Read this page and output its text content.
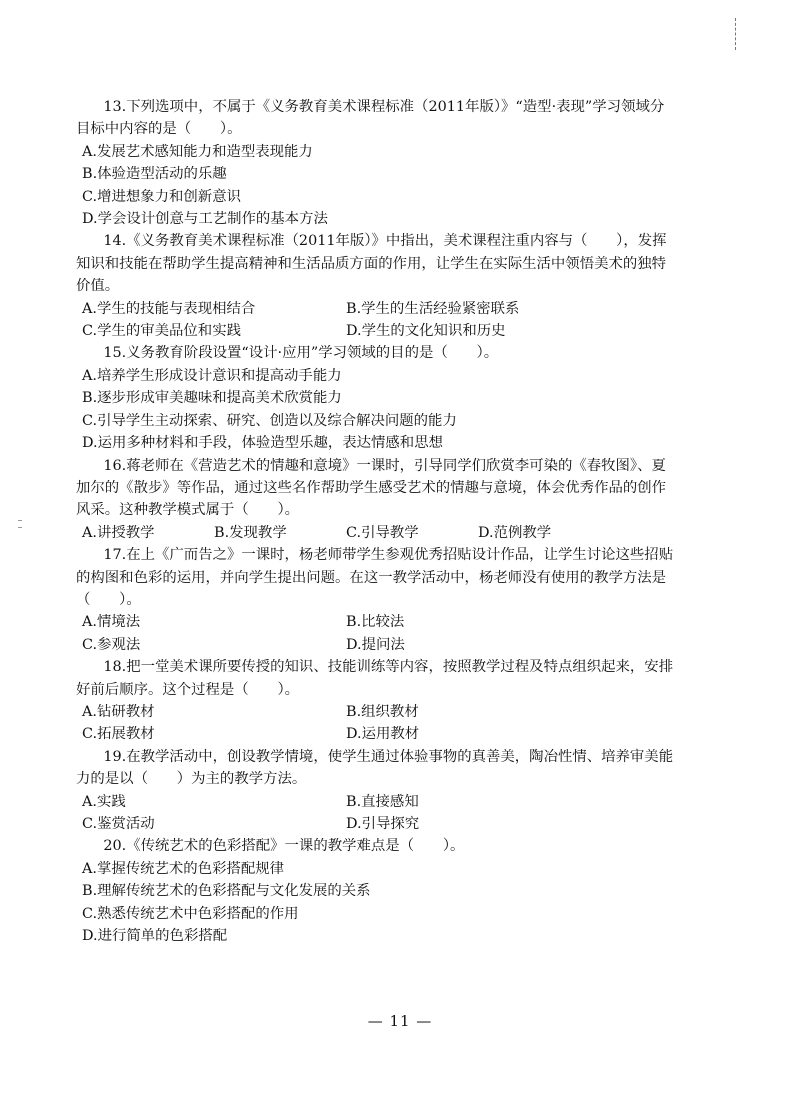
13.下列选项中，不属于《义务教育美术课程标准（2011年版）》“造型·表现”学习领域分目标中内容的是（　　）。

A.发展艺术感知能力和造型表现能力

B.体验造型活动的乐趣

C.增进想象力和创新意识

D.学会设计创意与工艺制作的基本方法

14.《义务教育美术课程标准（2011年版）》中指出，美术课程注重内容与（　　），发挥知识和技能在帮助学生提高精神和生活品质方面的作用，让学生在实际生活中领悟美术的独特价值。

A.学生的技能与表现相结合	B.学生的生活经验紧密联系

C.学生的审美品位和实践	D.学生的文化知识和历史

15.义务教育阶段设置“设计·应用”学习领域的目的是（　　）。

A.培养学生形成设计意识和提高动手能力

B.逐步形成审美趣味和提高美术欣赏能力

C.引导学生主动探索、研究、创造以及综合解决问题的能力

D.运用多种材料和手段，体验造型乐趣，表达情感和思想

16.蒋老师在《营造艺术的情趣和意境》一课时，引导同学们欣赏李可染的《春牧图》、夏加尔的《散步》等作品，通过这些名作帮助学生感受艺术的情趣与意境，体会优秀作品的创作风采。这种教学模式属于（　　）。

A.讲授教学	B.发现教学	C.引导教学	D.范例教学

17.在上《广而告之》一课时，杨老师带学生参观优秀招贴设计作品，让学生讨论这些招贴的构图和色彩的运用，并向学生提出问题。在这一教学活动中，杨老师没有使用的教学方法是（　　）。

A.情境法	B.比较法

C.参观法	D.提问法

18.把一堂美术课所要传授的知识、技能训练等内容，按照教学过程及特点组织起来，安排好前后顺序。这个过程是（　　）。

A.钻研教材	B.组织教材

C.拓展教材	D.运用教材

19.在教学活动中，创设教学情境，使学生通过体验事物的真善美，陶冶性情、培养审美能力的是以（　　）为主的教学方法。

A.实践	B.直接感知

C.鉴赏活动	D.引导探究

20.《传统艺术的色彩搭配》一课的教学难点是（　　）。

A.掌握传统艺术的色彩搭配规律

B.理解传统艺术的色彩搭配与文化发展的关系

C.熟悉传统艺术中色彩搭配的作用

D.进行简单的色彩搭配

— 11 —
